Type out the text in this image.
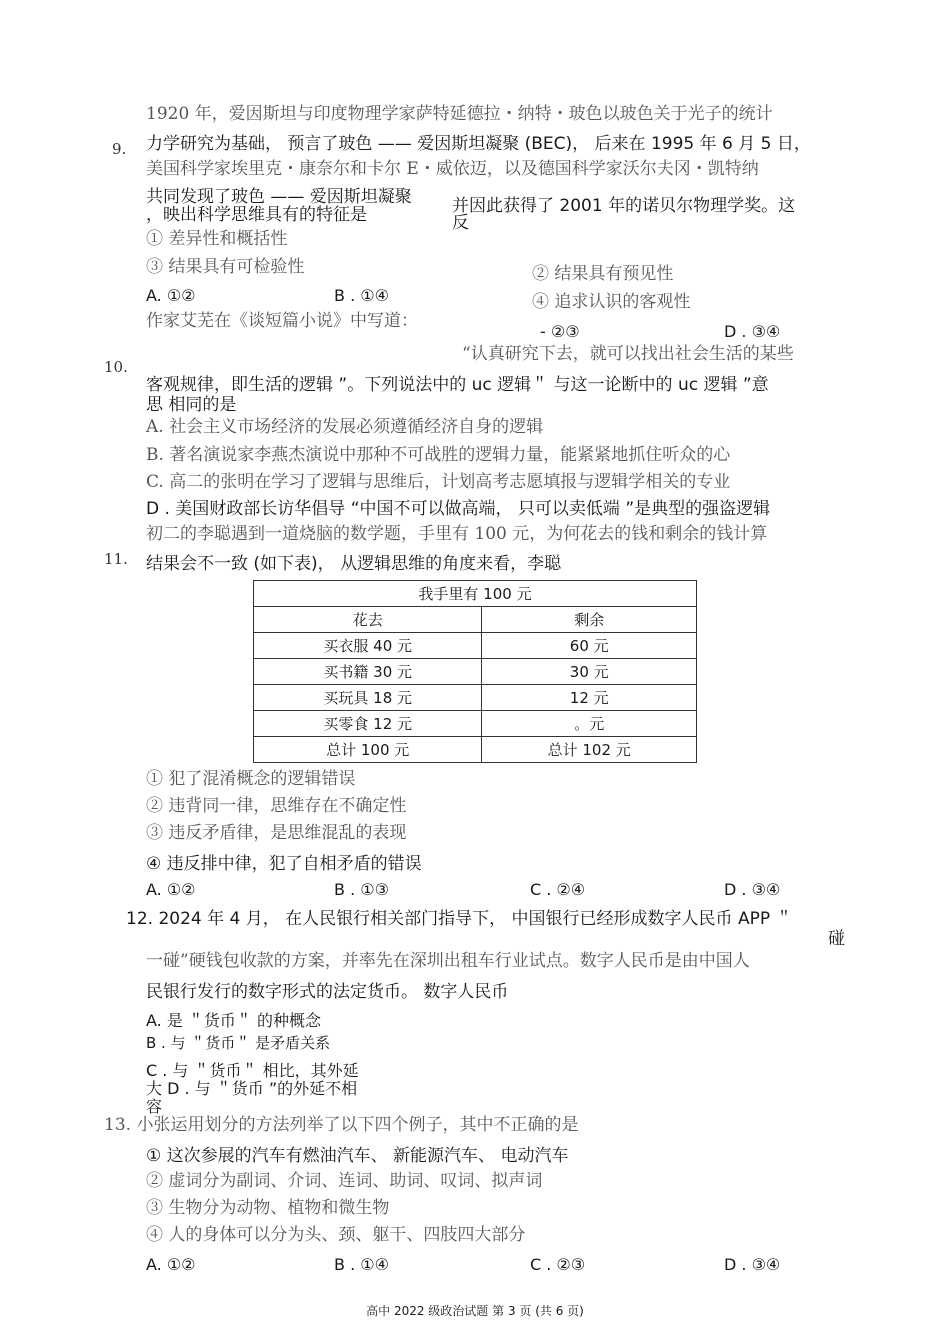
1920 年，爱因斯坦与印度物理学家萨特延德拉・纳特・玻色以玻色关于光子的统计
9. 力学研究为基础， 预言了玻色 —— 爱因斯坦凝聚 (BEC)， 后来在 1995 年 6 月 5 日，
美国科学家埃里克・康奈尔和卡尔 E・威依迈，以及德国科学家沃尔夫冈・凯特纳
共同发现了玻色 —— 爱因斯坦凝聚
，映出科学思维具有的特征是	并因此获得了 2001 年的诺贝尔物理学奖。这
反
① 差异性和概括性
② 结果具有预见性
③ 结果具有可检验性
④ 追求认识的客观性
A. ①②	B . ①④
- ②③	D . ③④
作家艾芜在《谈短篇小说》中写道：
10.
“认真研究下去，就可以找出社会生活的某些
客观规律，即生活的逻辑 ”。下列说法中的 uc 逻辑＂ 与这一论断中的 uc 逻辑 ”意
思 相同的是
A. 社会主义市场经济的发展必须遵循经济自身的逻辑
B. 著名演说家李燕杰演说中那种不可战胜的逻辑力量，能紧紧地抓住听众的心
C. 高二的张明在学习了逻辑与思维后，计划高考志愿填报与逻辑学相关的专业
D . 美国财政部长访华倡导 “中国不可以做高端， 只可以卖低端 ”是典型的强盗逻辑
初二的李聪遇到一道烧脑的数学题，手里有 100 元，为何花去的钱和剩余的钱计算
11. 结果会不一致 (如下表)， 从逻辑思维的角度来看，李聪
我手里有 100 元	
花去	剩余
买衣服 40 元	60 元
买书籍 30 元	30 元
买玩具 18 元	12 元
买零食 12 元	。元
总计 100 元	总计 102 元
① 犯了混淆概念的逻辑错误
② 违背同一律，思维存在不确定性
③ 违反矛盾律，是思维混乱的表现
④ 违反排中律，犯了自相矛盾的错误
A. ①②	B . ①③	C . ②④	D . ③④
12. 2024 年 4 月， 在人民银行相关部门指导下， 中国银行已经形成数字人民币 APP ＂
碰
一碰”硬钱包收款的方案，并率先在深圳出租车行业试点。数字人民币是由中国人
民银行发行的数字形式的法定货币。 数字人民币
A. 是 ＂货币＂ 的种概念
B . 与 ＂货币＂ 是矛盾关系
C . 与 ＂货币＂ 相比，其外延
大 D . 与 ＂货币 ”的外延不相
容
13. 小张运用划分的方法列举了以下四个例子，其中不正确的是
① 这次参展的汽车有燃油汽车、 新能源汽车、 电动汽车
② 虚词分为副词、介词、连词、助词、叹词、拟声词
③ 生物分为动物、植物和微生物
④ 人的身体可以分为头、颈、躯干、四肢四大部分
A. ①②	B . ①④	C . ②③	D . ③④
高中 2022 级政治试题 第 3 页 (共 6 页)
